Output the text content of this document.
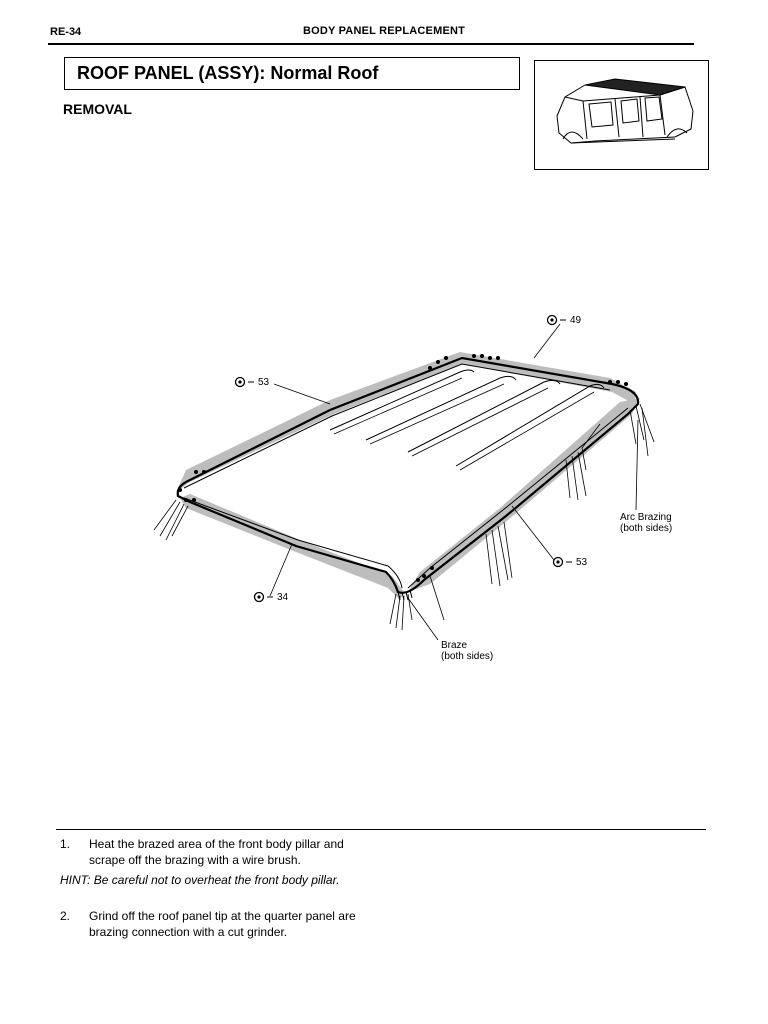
RE-34	BODY PANEL REPLACEMENT
ROOF PANEL (ASSY): Normal Roof
REMOVAL
49
53
53
34
Arc Brazing
(both sides)
Braze
(both sides)
1. Heat the brazed area of the front body pillar and scrape off the brazing with a wire brush.
HINT: Be careful not to overheat the front body pillar.
2. Grind off the roof panel tip at the quarter panel are brazing connection with a cut grinder.
